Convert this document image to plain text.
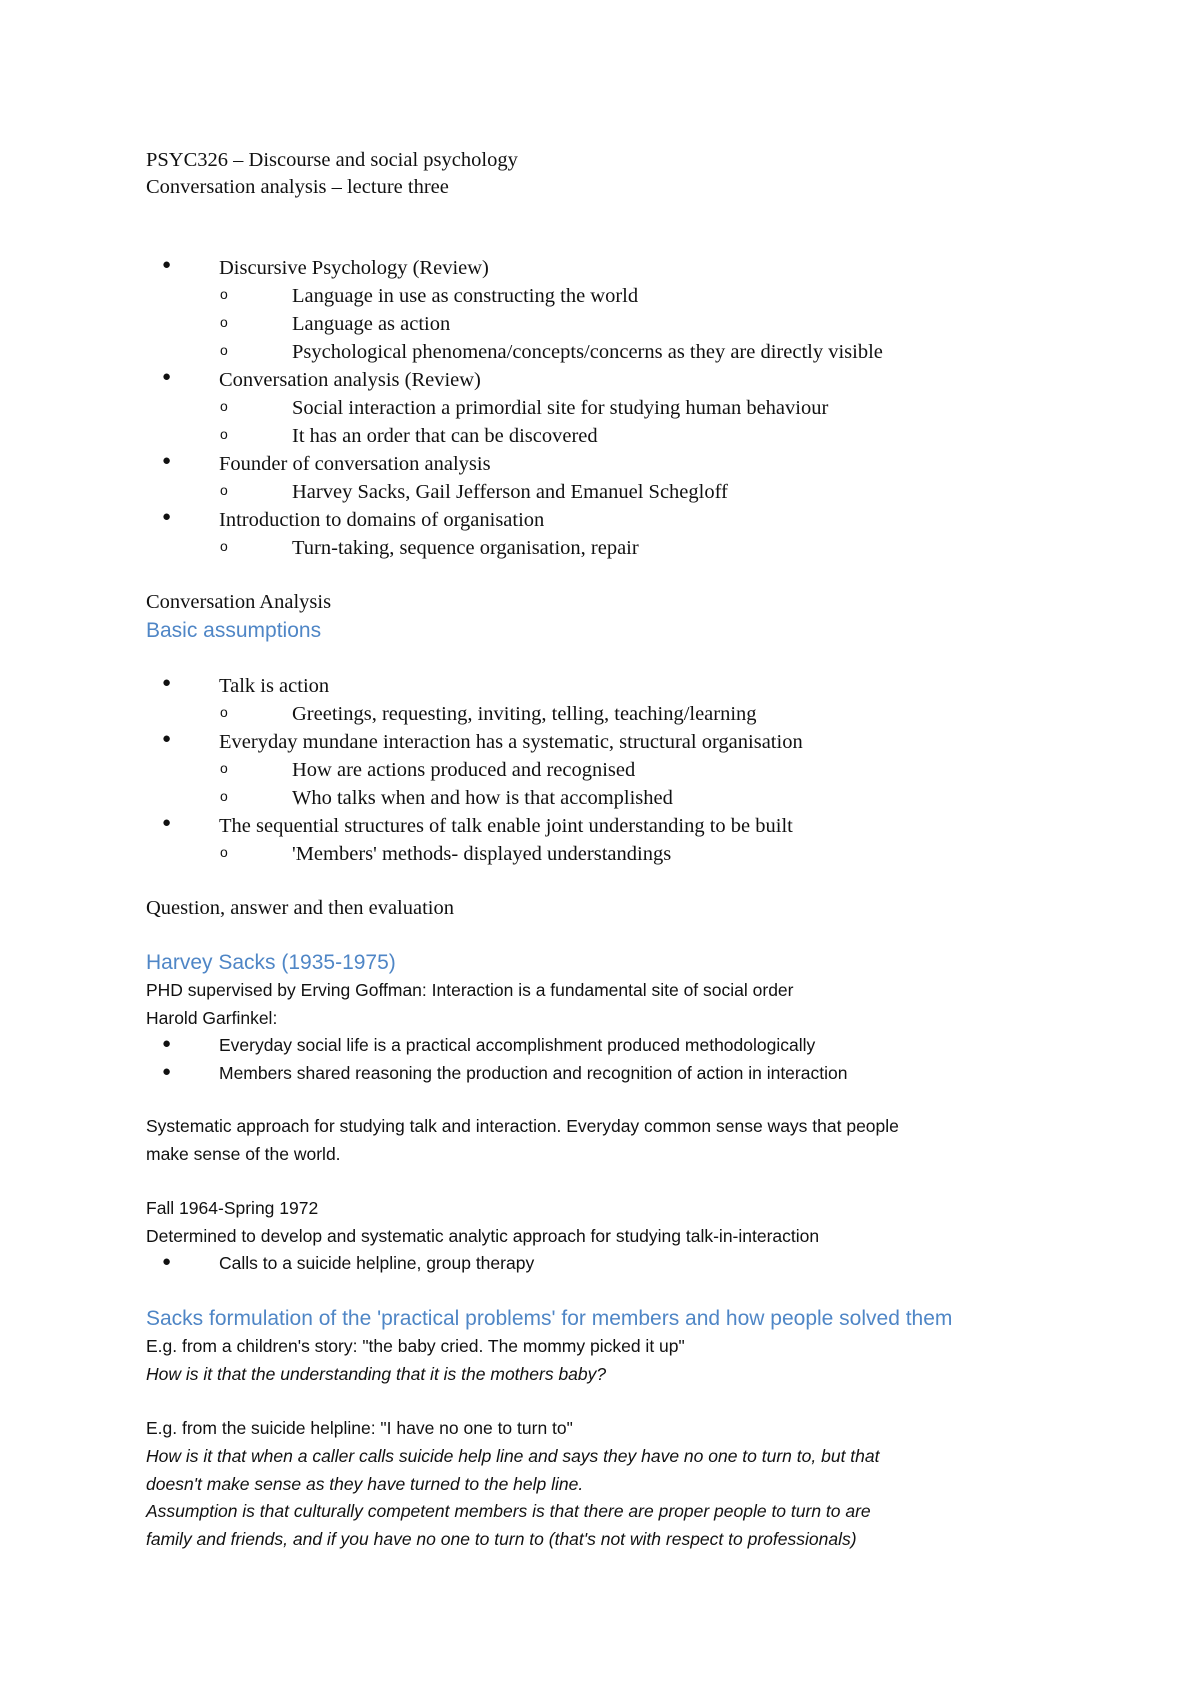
PSYC326 – Discourse and social psychology
Conversation analysis – lecture three
● Discursive Psychology (Review)
o	Language in use as constructing the world
o	Language as action
o	Psychological phenomena/concepts/concerns as they are directly visible
● Conversation analysis (Review)
o	Social interaction a primordial site for studying human behaviour
o	It has an order that can be discovered
● Founder of conversation analysis
o	Harvey Sacks, Gail Jefferson and Emanuel Schegloff
● Introduction to domains of organisation
o	Turn-taking, sequence organisation, repair
Conversation Analysis
Basic assumptions
● Talk is action
o	Greetings, requesting, inviting, telling, teaching/learning
● Everyday mundane interaction has a systematic, structural organisation
o	How are actions produced and recognised
o	Who talks when and how is that accomplished
● The sequential structures of talk enable joint understanding to be built
o	'Members' methods- displayed understandings
Question, answer and then evaluation
Harvey Sacks (1935-1975)
PHD supervised by Erving Goffman: Interaction is a fundamental site of social order
Harold Garfinkel:
●	Everyday social life is a practical accomplishment produced methodologically
●	Members shared reasoning the production and recognition of action in interaction
Systematic approach for studying talk and interaction. Everyday common sense ways that people
make sense of the world.
Fall 1964-Spring 1972
Determined to develop and systematic analytic approach for studying talk-in-interaction
●	Calls to a suicide helpline, group therapy
Sacks formulation of the 'practical problems' for members and how people solved them
E.g. from a children's story: "the baby cried. The mommy picked it up"
How is it that the understanding that it is the mothers baby?
E.g. from the suicide helpline: "I have no one to turn to"
How is it that when a caller calls suicide help line and says they have no one to turn to, but that
doesn't make sense as they have turned to the help line.
Assumption is that culturally competent members is that there are proper people to turn to are
family and friends, and if you have no one to turn to (that's not with respect to professionals)
